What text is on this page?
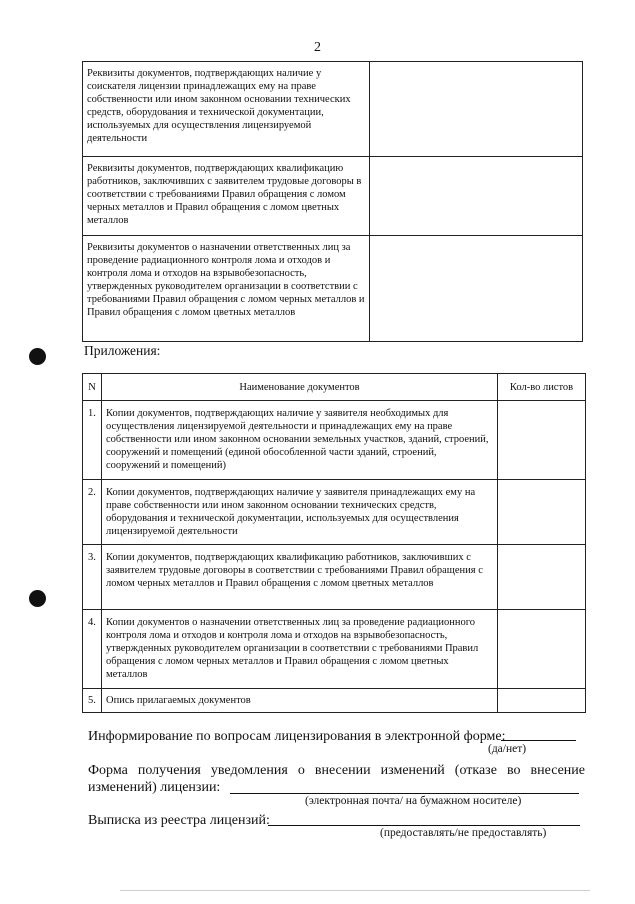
2
Реквизиты документов, подтверждающих наличие у соискателя лицензии принадлежащих ему на праве собственности или ином законном основании технических средств, оборудования и технической документации, используемых для осуществления лицензируемой деятельности	
Реквизиты документов, подтверждающих квалификацию работников, заключивших с заявителем трудовые договоры в соответствии с требованиями Правил обращения с ломом черных металлов и Правил обращения с ломом цветных металлов	
Реквизиты документов о назначении ответственных лиц за проведение радиационного контроля лома и отходов и контроля лома и отходов на взрывобезопасность, утвержденных руководителем организации в соответствии с требованиями Правил обращения с ломом черных металлов и Правил обращения с ломом цветных металлов	
Приложения:
N	Наименование документов	Кол-во листов
1.	Копии документов, подтверждающих наличие у заявителя необходимых для осуществления лицензируемой деятельности и принадлежащих ему на праве собственности или ином законном основании земельных участков, зданий, строений, сооружений и помещений (единой обособленной части зданий, строений, сооружений и помещений)	
2.	Копии документов, подтверждающих наличие у заявителя принадлежащих ему на праве собственности или ином законном основании технических средств, оборудования и технической документации, используемых для осуществления лицензируемой деятельности	
3.	Копии документов, подтверждающих квалификацию работников, заключивших с заявителем трудовые договоры в соответствии с требованиями Правил обращения с ломом черных металлов и Правил обращения с ломом цветных металлов	
4.	Копии документов о назначении ответственных лиц за проведение радиационного контроля лома и отходов и контроля лома и отходов на взрывобезопасность, утвержденных руководителем организации в соответствии с требованиями Правил обращения с ломом черных металлов и Правил обращения с ломом цветных металлов	
5.	Опись прилагаемых документов	
Информирование по вопросам лицензирования в электронной форме:
(да/нет)
Форма получения уведомления о внесении изменений (отказе во внесение
изменений) лицензии:
(электронная почта/ на бумажном носителе)
Выписка из реестра лицензий:
(предоставлять/не предоставлять)
